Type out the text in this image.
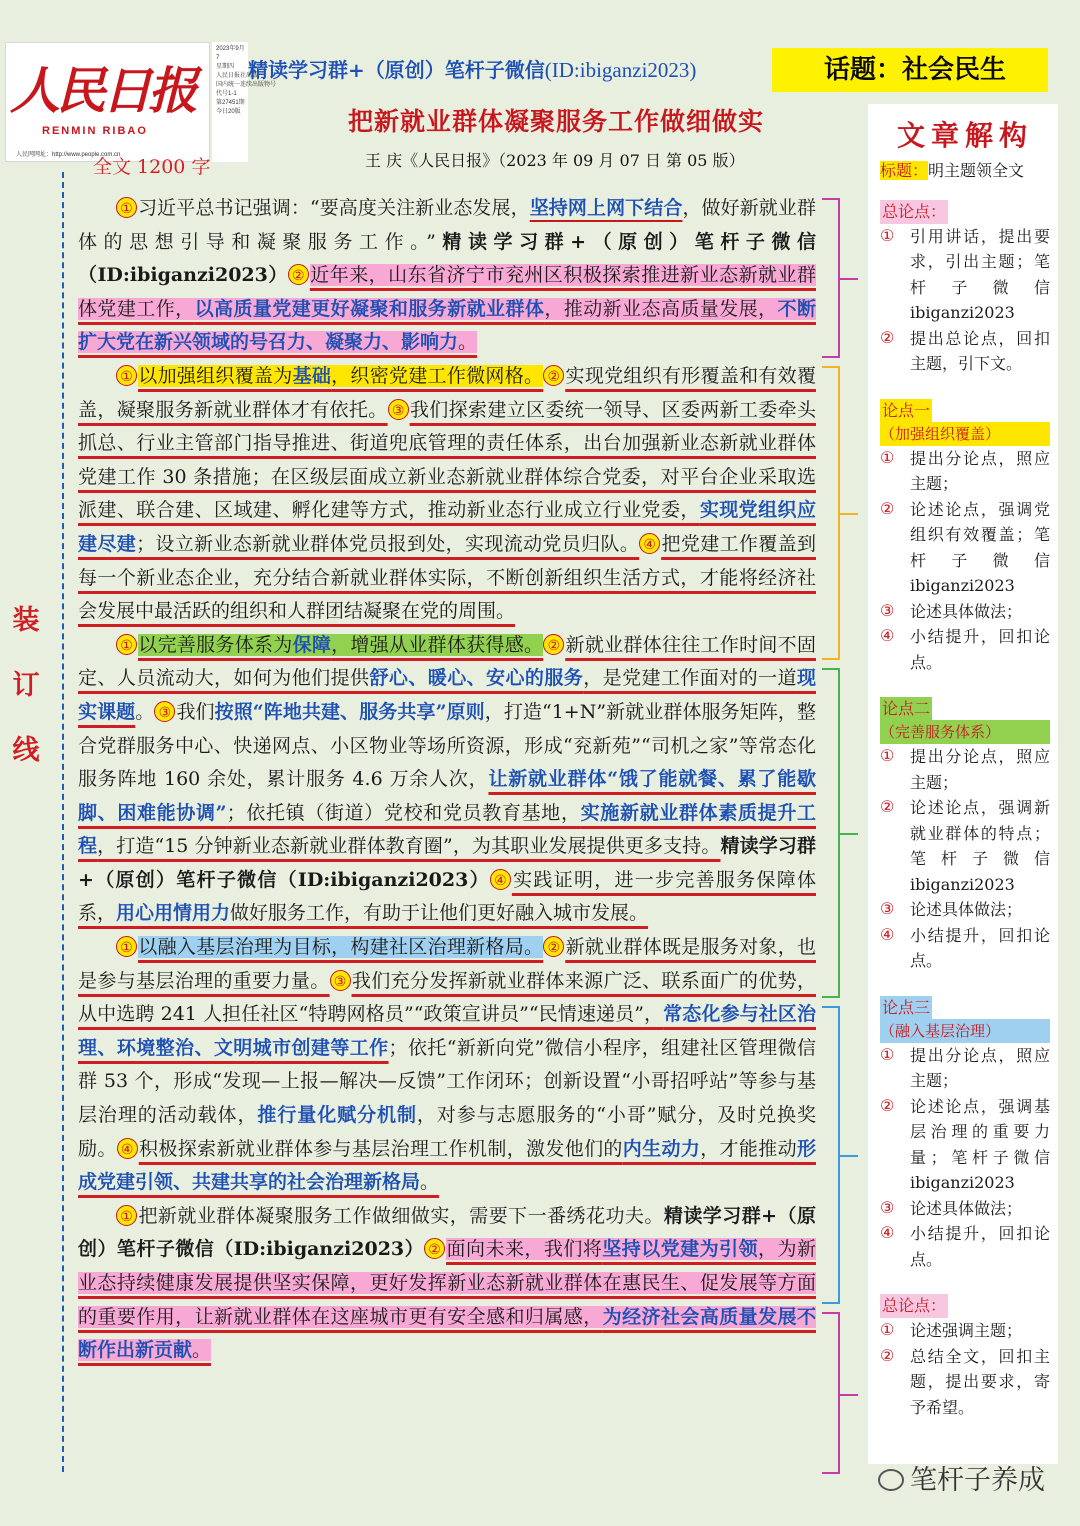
人民日报
RENMIN RIBAO
人民网网址：http://www.people.com.cn
2023年9月
7
星期四
人民日报社出版
国内统一连续出版物号
代号1-1
第27451期
今日20版
精读学习群+（原创）笔杆子微信(ID:ibiganzi2023)	话题：社会民生
把新就业群体凝聚服务工作做细做实
全文 1200 字	王 庆《人民日报》（2023 年 09 月 07 日 第 05 版）
装
订
线

① 习近平总书记强调：“要高度关注新业态发展，坚持网上网下结合，做好新就业群体的思想引导和凝聚服务工作。”精读学习群+（原创）笔杆子微信（ID:ibiganzi2023） ② 近年来，山东省济宁市兖州区积极探索推进新业态新就业群体党建工作，以高质量党建更好凝聚和服务新就业群体，推动新业态高质量发展，不断扩大党在新兴领域的号召力、凝聚力、影响力。

① 以加强组织覆盖为基础，织密党建工作微网格。 ② 实现党组织有形覆盖和有效覆盖，凝聚服务新就业群体才有依托。 ③ 我们探索建立区委统一领导、区委两新工委牵头抓总、行业主管部门指导推进、街道兜底管理的责任体系，出台加强新业态新就业群体党建工作 30 条措施；在区级层面成立新业态新就业群体综合党委，对平台企业采取选派建、联合建、区域建、孵化建等方式，推动新业态行业成立行业党委，实现党组织应建尽建；设立新业态新就业群体党员报到处，实现流动党员归队。 ④ 把党建工作覆盖到每一个新业态企业，充分结合新就业群体实际，不断创新组织生活方式，才能将经济社会发展中最活跃的组织和人群团结凝聚在党的周围。

① 以完善服务体系为保障，增强从业群体获得感。 ② 新就业群体往往工作时间不固定、人员流动大，如何为他们提供舒心、暖心、安心的服务，是党建工作面对的一道现实课题。 ③ 我们按照“阵地共建、服务共享”原则，打造“1+N”新就业群体服务矩阵，整合党群服务中心、快递网点、小区物业等场所资源，形成“兖新苑”“司机之家”等常态化服务阵地 160 余处，累计服务 4.6 万余人次，让新就业群体“饿了能就餐、累了能歇脚、困难能协调”；依托镇（街道）党校和党员教育基地，实施新就业群体素质提升工程，打造“15 分钟新业态新就业群体教育圈”，为其职业发展提供更多支持。精读学习群+（原创）笔杆子微信（ID:ibiganzi2023） ④ 实践证明，进一步完善服务保障体系，用心用情用力做好服务工作，有助于让他们更好融入城市发展。

① 以融入基层治理为目标，构建社区治理新格局。 ② 新就业群体既是服务对象，也是参与基层治理的重要力量。 ③ 我们充分发挥新就业群体来源广泛、联系面广的优势，从中选聘 241 人担任社区“特聘网格员”“政策宣讲员”“民情速递员”，常态化参与社区治理、环境整治、文明城市创建等工作；依托“新新向党”微信小程序，组建社区管理微信群 53 个，形成“发现—上报—解决—反馈”工作闭环；创新设置“小哥招呼站”等参与基层治理的活动载体，推行量化赋分机制，对参与志愿服务的“小哥”赋分，及时兑换奖励。 ④ 积极探索新就业群体参与基层治理工作机制，激发他们的内生动力，才能推动形成党建引领、共建共享的社会治理新格局。

① 把新就业群体凝聚服务工作做细做实，需要下一番绣花功夫。精读学习群+（原创）笔杆子微信（ID:ibiganzi2023） ② 面向未来，我们将坚持以党建为引领，为新业态持续健康发展提供坚实保障，更好发挥新业态新就业群体在惠民生、促发展等方面的重要作用，让新就业群体在这座城市更有安全感和归属感，为经济社会高质量发展不断作出新贡献。

文章解构
标题：明主题领全文
总论点：
① 引用讲话，提出要求，引出主题；笔杆子微信ibiganzi2023
② 提出总论点，回扣主题，引下文。
论点一
（加强组织覆盖）
① 提出分论点，照应主题；
② 论述论点，强调党组织有效覆盖；笔杆子微信ibiganzi2023
③ 论述具体做法；
④ 小结提升，回扣论点。
论点二
（完善服务体系）
① 提出分论点，照应主题；
② 论述论点，强调新就业群体的特点；笔杆子微信ibiganzi2023
③ 论述具体做法；
④ 小结提升，回扣论点。
论点三
（融入基层治理）
① 提出分论点，照应主题；
② 论述论点，强调基层治理的重要力量；笔杆子微信 ibiganzi2023
③ 论述具体做法；
④ 小结提升，回扣论点。
总论点：
① 论述强调主题；
② 总结全文，回扣主题，提出要求，寄予希望。
笔杆子养成
